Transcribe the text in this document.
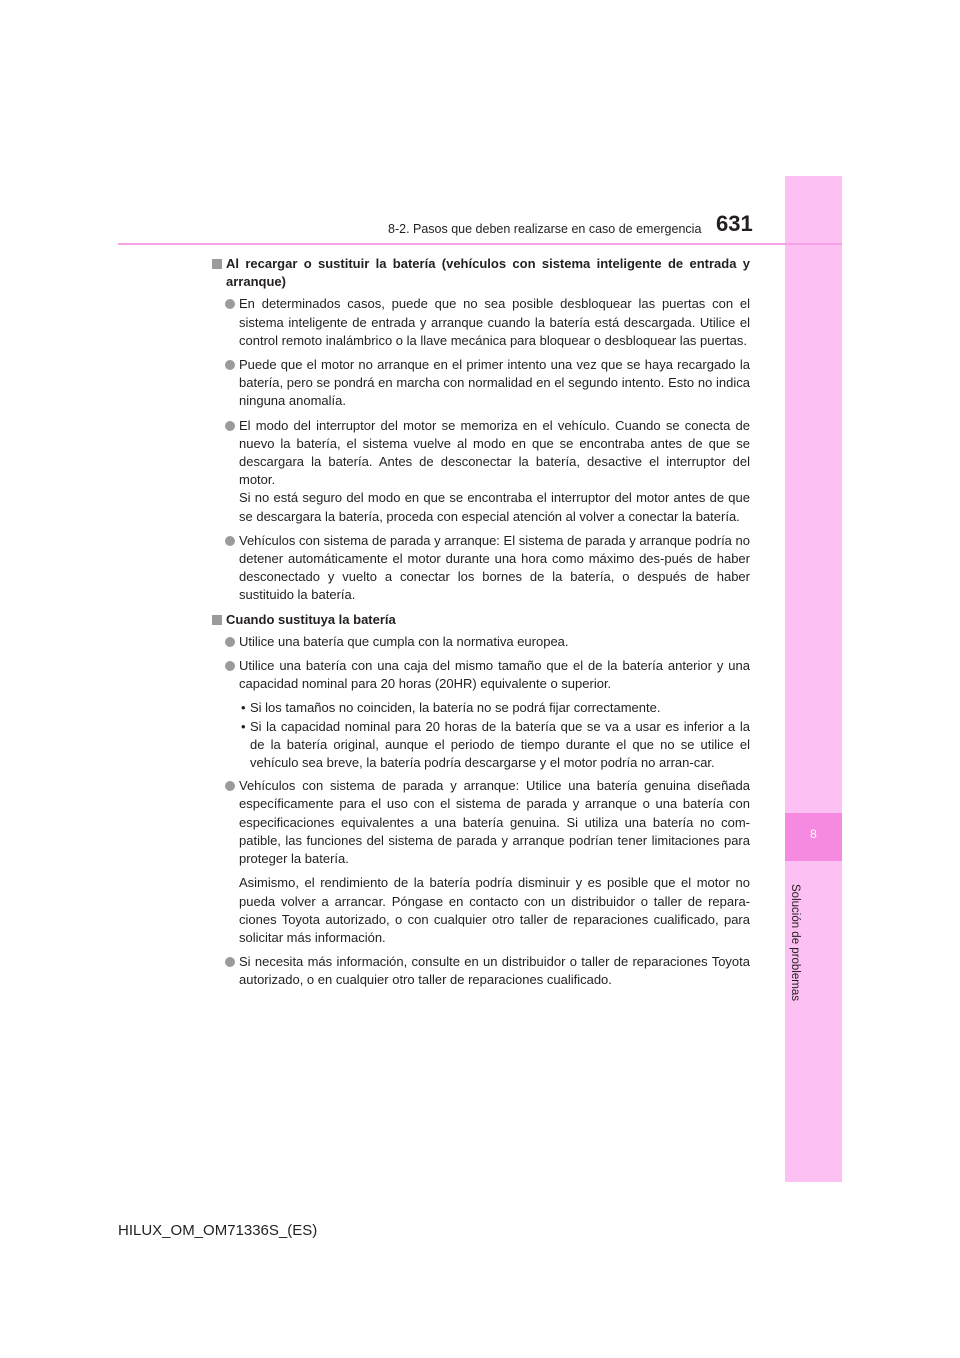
8
Solución de problemas
631
8-2. Pasos que deben realizarse en caso de emergencia
Al recargar o sustituir la batería (vehículos con sistema inteligente de entrada y arranque)
En determinados casos, puede que no sea posible desbloquear las puertas con el sistema inteligente de entrada y arranque cuando la batería está descargada. Utilice el control remoto inalámbrico o la llave mecánica para bloquear o desbloquear las puertas.
Puede que el motor no arranque en el primer intento una vez que se haya recargado la batería, pero se pondrá en marcha con normalidad en el segundo intento. Esto no indica ninguna anomalía.
El modo del interruptor del motor se memoriza en el vehículo. Cuando se conecta de nuevo la batería, el sistema vuelve al modo en que se encontraba antes de que se descargara la batería. Antes de desconectar la batería, desactive el interruptor del motor.
Si no está seguro del modo en que se encontraba el interruptor del motor antes de que se descargara la batería, proceda con especial atención al volver a conectar la batería.
Vehículos con sistema de parada y arranque: El sistema de parada y arranque podría no detener automáticamente el motor durante una hora como máximo des-pués de haber desconectado y vuelto a conectar los bornes de la batería, o después de haber sustituido la batería.
Cuando sustituya la batería
Utilice una batería que cumpla con la normativa europea.
Utilice una batería con una caja del mismo tamaño que el de la batería anterior y una capacidad nominal para 20 horas (20HR) equivalente o superior.
• Si los tamaños no coinciden, la batería no se podrá fijar correctamente.
• Si la capacidad nominal para 20 horas de la batería que se va a usar es inferior a la de la batería original, aunque el periodo de tiempo durante el que no se utilice el vehículo sea breve, la batería podría descargarse y el motor podría no arran-car.
Vehículos con sistema de parada y arranque: Utilice una batería genuina diseñada específicamente para el uso con el sistema de parada y arranque o una batería con especificaciones equivalentes a una batería genuina. Si utiliza una batería no com-patible, las funciones del sistema de parada y arranque podrían tener limitaciones para proteger la batería.
Asimismo, el rendimiento de la batería podría disminuir y es posible que el motor no pueda volver a arrancar. Póngase en contacto con un distribuidor o taller de repara-ciones Toyota autorizado, o con cualquier otro taller de reparaciones cualificado, para solicitar más información.
Si necesita más información, consulte en un distribuidor o taller de reparaciones Toyota autorizado, o en cualquier otro taller de reparaciones cualificado.
HILUX_OM_OM71336S_(ES)
